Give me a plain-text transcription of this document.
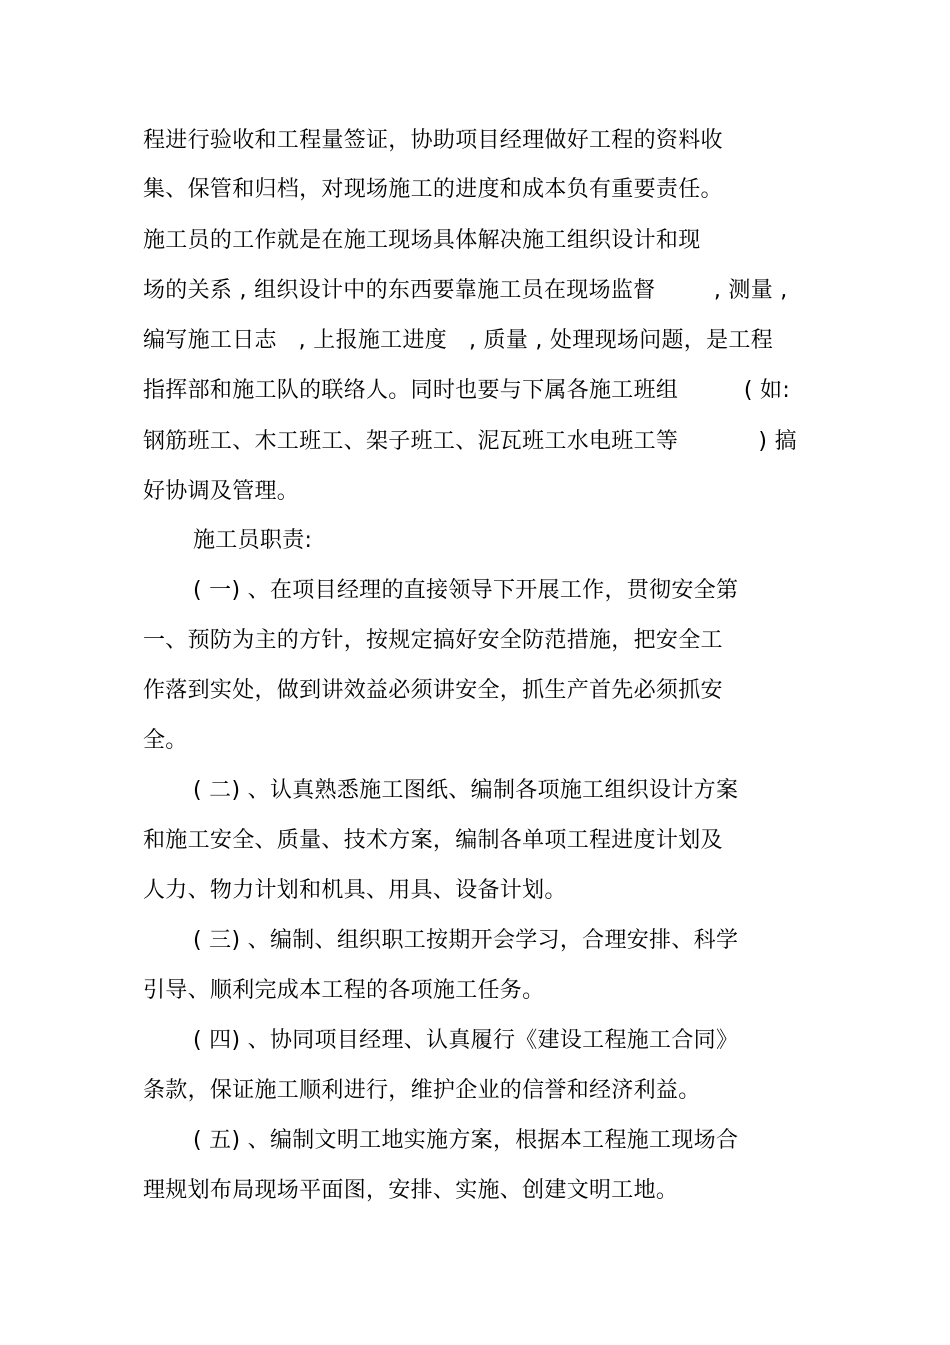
程进行验收和工程量签证，协助项目经理做好工程的资料收
集、保管和归档，对现场施工的进度和成本负有重要责任。
施工员的工作就是在施工现场具体解决施工组织设计和现
场的关系 , 组织设计中的东西要靠施工员在现场监督        , 测量 ,
编写施工日志   , 上报施工进度   , 质量 , 处理现场问题，是工程
指挥部和施工队的联络人。同时也要与下属各施工班组         ( 如:
钢筋班工、木工班工、架子班工、泥瓦班工水电班工等           ) 搞
好协调及管理。
施工员职责:
( 一) 、在项目经理的直接领导下开展工作，贯彻安全第
一、预防为主的方针，按规定搞好安全防范措施，把安全工
作落到实处，做到讲效益必须讲安全，抓生产首先必须抓安
全。
( 二) 、认真熟悉施工图纸、编制各项施工组织设计方案
和施工安全、质量、技术方案，编制各单项工程进度计划及
人力、物力计划和机具、用具、设备计划。
( 三) 、编制、组织职工按期开会学习，合理安排、科学
引导、顺利完成本工程的各项施工任务。
( 四) 、协同项目经理、认真履行《建设工程施工合同》
条款，保证施工顺利进行，维护企业的信誉和经济利益。
( 五) 、编制文明工地实施方案，根据本工程施工现场合
理规划布局现场平面图，安排、实施、创建文明工地。
